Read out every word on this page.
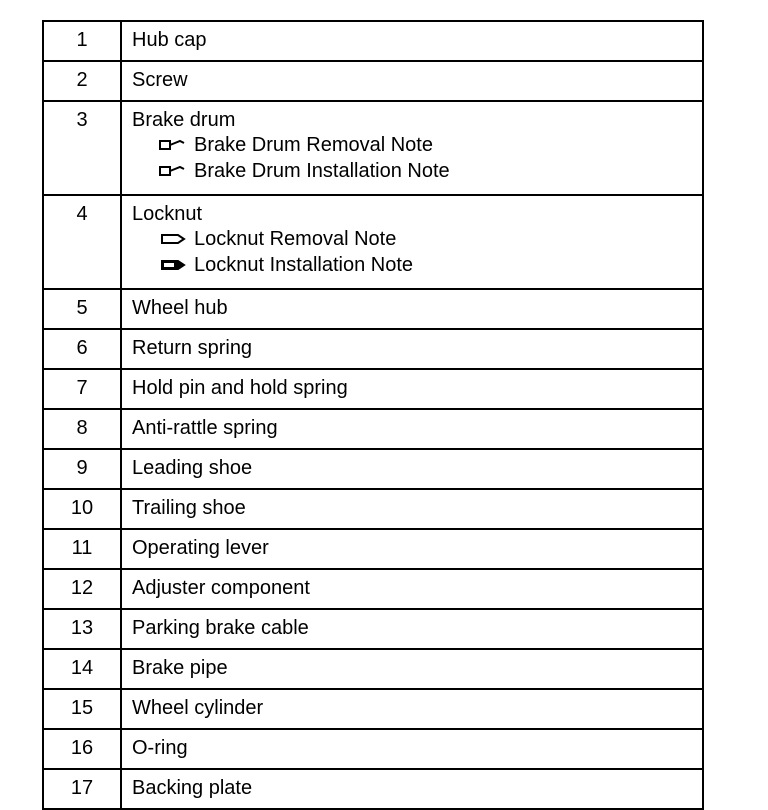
1	Hub cap
2	Screw
3	Brake drum
Brake Drum Removal Note
Brake Drum Installation Note

4	Locknut
Locknut Removal Note
Locknut Installation Note

5	Wheel hub
6	Return spring
7	Hold pin and hold spring
8	Anti-rattle spring
9	Leading shoe
10	Trailing shoe
11	Operating lever
12	Adjuster component
13	Parking brake cable
14	Brake pipe
15	Wheel cylinder
16	O-ring
17	Backing plate
